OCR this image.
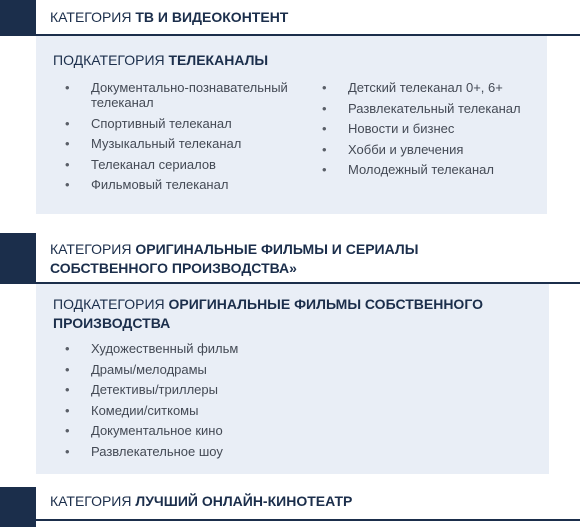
КАТЕГОРИЯ ТВ И ВИДЕОКОНТЕНТ
ПОДКАТЕГОРИЯ ТЕЛЕКАНАЛЫ
• Документально-познавательный телеканал
• Спортивный телеканал
• Музыкальный телеканал
• Телеканал сериалов
• Фильмовый телеканал
• Детский телеканал 0+, 6+
• Развлекательный телеканал
• Новости и бизнес
• Хобби и увлечения
• Молодежный телеканал
КАТЕГОРИЯ ОРИГИНАЛЬНЫЕ ФИЛЬМЫ И СЕРИАЛЫ СОБСТВЕННОГО ПРОИЗВОДСТВА»
ПОДКАТЕГОРИЯ ОРИГИНАЛЬНЫЕ ФИЛЬМЫ СОБСТВЕННОГО ПРОИЗВОДСТВА
• Художественный фильм
• Драмы/мелодрамы
• Детективы/триллеры
• Комедии/ситкомы
• Документальное кино
• Развлекательное шоу
КАТЕГОРИЯ ЛУЧШИЙ ОНЛАЙН-КИНОТЕАТР
